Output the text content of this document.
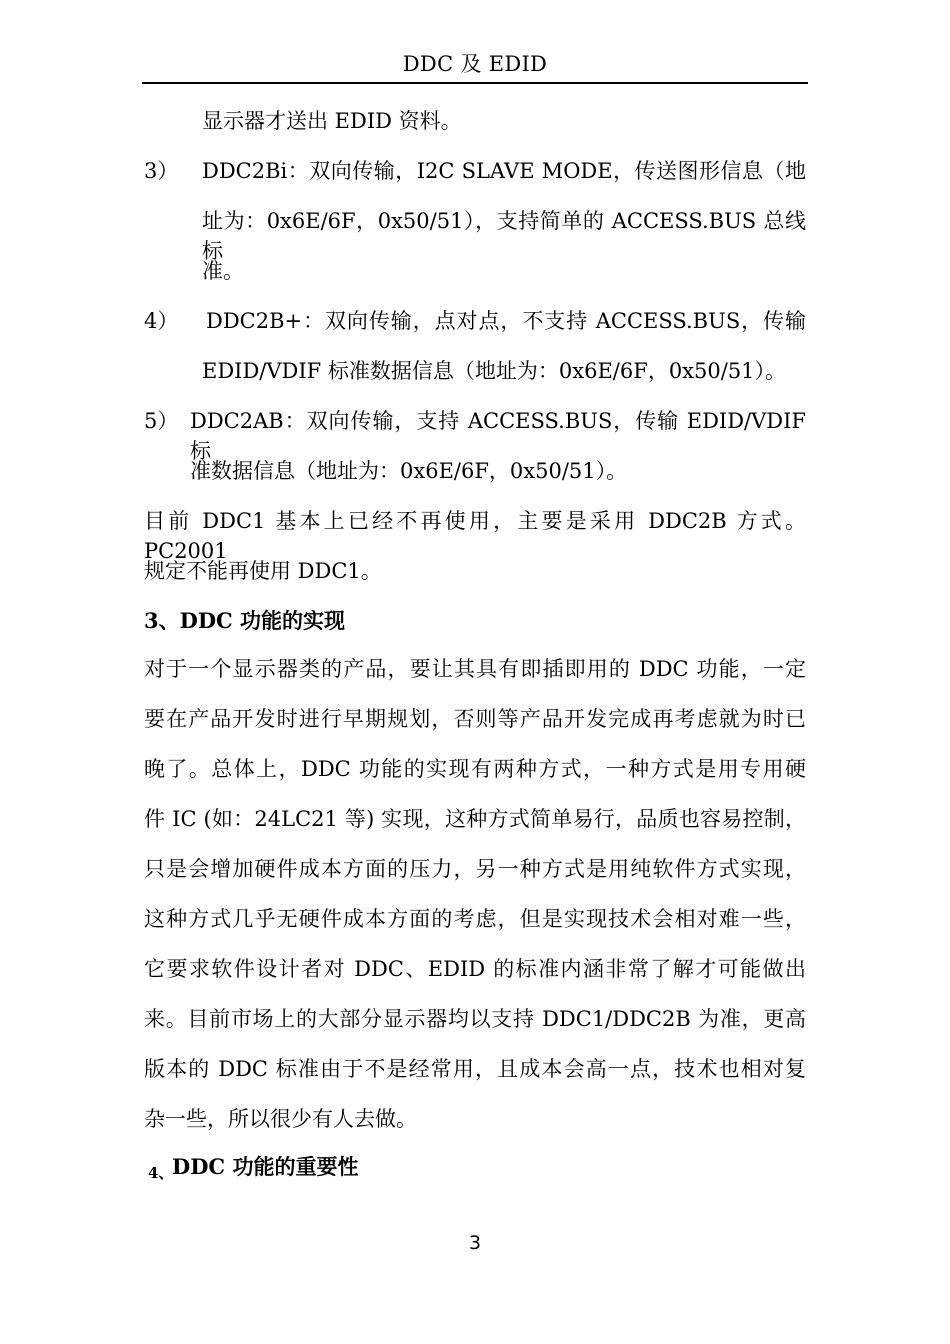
DDC 及 EDID
显示器才送出 EDID 资料。
3） DDC2Bi：双向传输，I2C SLAVE MODE，传送图形信息（地
址为：0x6E/6F，0x50/51），支持简单的 ACCESS.BUS 总线标
准。
4） DDC2B+：双向传输，点对点，不支持 ACCESS.BUS，传输
EDID/VDIF 标准数据信息（地址为：0x6E/6F，0x50/51）。
5） DDC2AB：双向传输，支持 ACCESS.BUS，传输 EDID/VDIF 标
准数据信息（地址为：0x6E/6F，0x50/51）。
目前 DDC1 基本上已经不再使用，主要是采用 DDC2B 方式。PC2001
规定不能再使用 DDC1。
3、DDC 功能的实现
对于一个显示器类的产品，要让其具有即插即用的 DDC 功能，一定
要在产品开发时进行早期规划，否则等产品开发完成再考虑就为时已
晚了。总体上，DDC 功能的实现有两种方式，一种方式是用专用硬
件 IC (如：24LC21 等) 实现，这种方式简单易行，品质也容易控制，
只是会增加硬件成本方面的压力，另一种方式是用纯软件方式实现，
这种方式几乎无硬件成本方面的考虑，但是实现技术会相对难一些，
它要求软件设计者对 DDC、EDID 的标准内涵非常了解才可能做出
来。目前市场上的大部分显示器均以支持 DDC1/DDC2B 为准，更高
版本的 DDC 标准由于不是经常用，且成本会高一点，技术也相对复
杂一些，所以很少有人去做。
4、
DDC 功能的重要性
3
